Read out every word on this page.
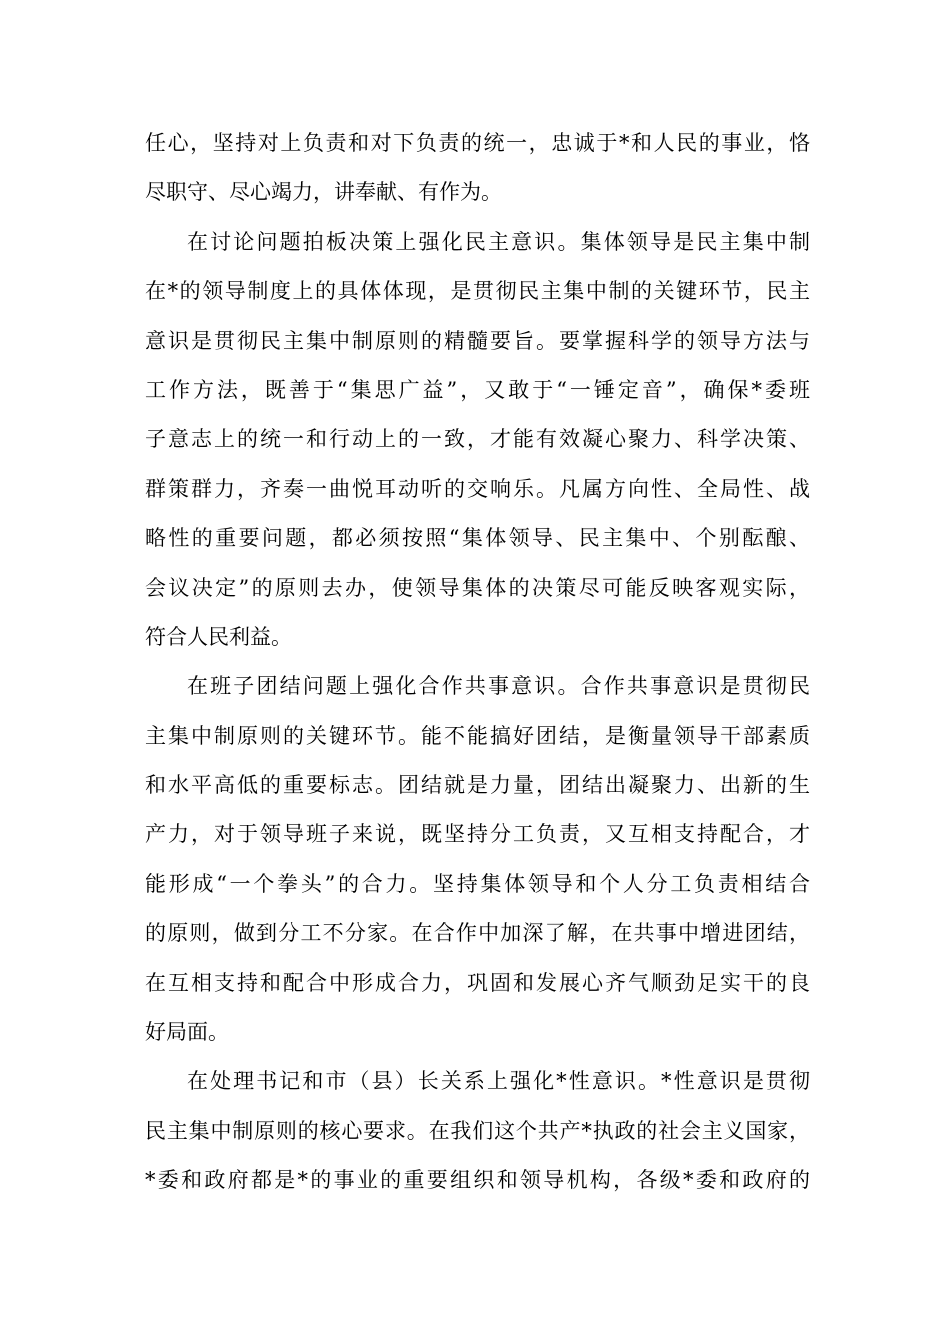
任心，坚持对上负责和对下负责的统一，忠诚于*和人民的事业，恪
尽职守、尽心竭力，讲奉献、有作为。
在讨论问题拍板决策上强化民主意识。集体领导是民主集中制
在*的领导制度上的具体体现，是贯彻民主集中制的关键环节，民主
意识是贯彻民主集中制原则的精髓要旨。要掌握科学的领导方法与
工作方法，既善于“集思广益”，又敢于“一锤定音”，确保*委班
子意志上的统一和行动上的一致，才能有效凝心聚力、科学决策、
群策群力，齐奏一曲悦耳动听的交响乐。凡属方向性、全局性、战
略性的重要问题，都必须按照“集体领导、民主集中、个别酝酿、
会议决定”的原则去办，使领导集体的决策尽可能反映客观实际，
符合人民利益。
在班子团结问题上强化合作共事意识。合作共事意识是贯彻民
主集中制原则的关键环节。能不能搞好团结，是衡量领导干部素质
和水平高低的重要标志。团结就是力量，团结出凝聚力、出新的生
产力，对于领导班子来说，既坚持分工负责，又互相支持配合，才
能形成“一个拳头”的合力。坚持集体领导和个人分工负责相结合
的原则，做到分工不分家。在合作中加深了解，在共事中增进团结，
在互相支持和配合中形成合力，巩固和发展心齐气顺劲足实干的良
好局面。
在处理书记和市（县）长关系上强化*性意识。*性意识是贯彻
民主集中制原则的核心要求。在我们这个共产*执政的社会主义国家，
*委和政府都是*的事业的重要组织和领导机构，各级*委和政府的
